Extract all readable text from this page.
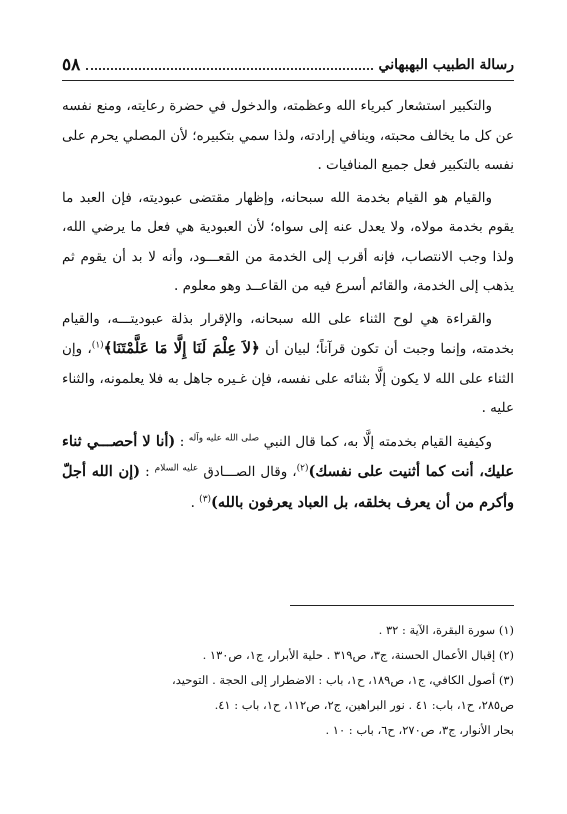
رسالة الطبيب البهبهاني
٥٨

والتكبير استشعار كبرياء الله وعظمته، والدخول في حضرة رعايته، ومنع نفسه عن كل ما يخالف محبته، وينافي إرادته، ولذا سمي بتكبيره؛ لأن المصلي يحرم على نفسه بالتكبير فعل جميع المنافيات .

والقيام هو القيام بخدمة الله سبحانه، وإظهار مقتضى عبوديته، فإن العبد ما يقوم بخدمة مولاه، ولا يعدل عنه إلى سواه؛ لأن العبودية هي فعل ما يرضي الله، ولذا وجب الانتصاب، فإنه أقرب إلى الخدمة من القعـــود، وأنه لا بد أن يقوم ثم يذهب إلى الخدمة، والقائم أسرع فيه من القاعــد وهو معلوم .

والقراءة هي لوح الثناء على الله سبحانه، والإقرار بذلة عبوديتـــه، والقيام بخدمته، وإنما وجبت أن تكون قرآناً؛ لبيان أن ﴿لاَ عِلْمَ لَنَا إِلَّا مَا عَلَّمْتَنَا﴾$^{(١)}$، وإن الثناء على الله لا يكون إلَّا بثنائه على نفسه، فإن غـيره جاهل به فلا يعلمونه، والثناء عليه .

وكيفية القيام بخدمته إلَّا به، كما قال النبي $^{صلى الله عليه وآله}$ : (أنا لا أحصـــي ثناء عليك، أنت كما أثنيت على نفسك)$^{(٢)}$، وقال الصـــادق $^{عليه السلام}$ : (إن الله أجلّ وأكرم من أن يعرف بخلقه، بل العباد يعرفون بالله)$^{(٣)}$ .

(١) سورة البقرة، الآية : ٣٢ .
(٢) إقبال الأعمال الحسنة، ج٣، ص٣١٩ . حلية الأبرار، ج١، ص١٣٠ .
(٣) أصول الكافي، ج١، ص١٨٩، ح١، باب : الاضطرار إلى الحجة . التوحيد،
ص٢٨٥، ح١، باب: ٤١ . نور البراهين، ج٢، ص١١٢، ح١، باب : ٤١.
بحار الأنوار، ج٣، ص٢٧٠، ح٦، باب : ١٠ .
